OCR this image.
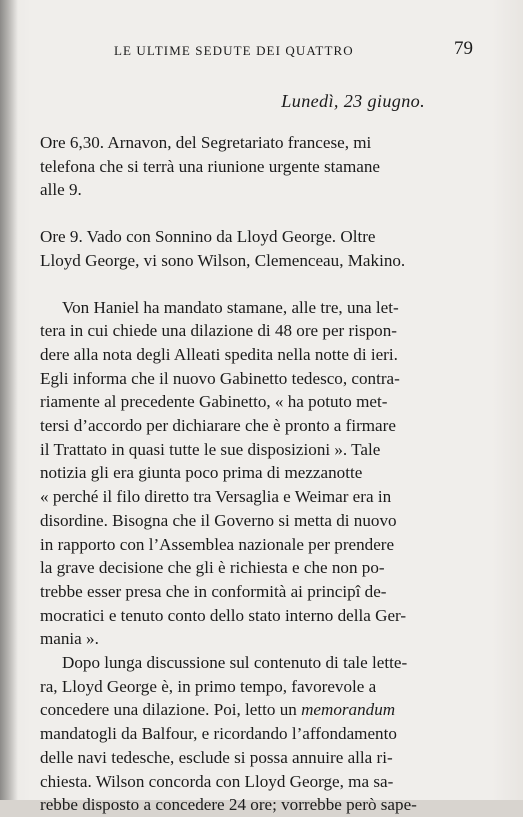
LE ULTIME SEDUTE DEI QUATTRO	79
Lunedì, 23 giugno.

Ore 6,30. Arnavon, del Segretariato francese, mi
telefona che si terrà una riunione urgente stamane
alle 9.

Ore 9. Vado con Sonnino da Lloyd George. Oltre
Lloyd George, vi sono Wilson, Clemenceau, Makino.

Von Haniel ha mandato stamane, alle tre, una let-
tera in cui chiede una dilazione di 48 ore per rispon-
dere alla nota degli Alleati spedita nella notte di ieri.
Egli informa che il nuovo Gabinetto tedesco, contra-
riamente al precedente Gabinetto, « ha potuto met-
tersi d’accordo per dichiarare che è pronto a firmare
il Trattato in quasi tutte le sue disposizioni ». Tale
notizia gli era giunta poco prima di mezzanotte
« perché il filo diretto tra Versaglia e Weimar era in
disordine. Bisogna che il Governo si metta di nuovo
in rapporto con l’Assemblea nazionale per prendere
la grave decisione che gli è richiesta e che non po-
trebbe esser presa che in conformità ai principî de-
mocratici e tenuto conto dello stato interno della Ger-
mania ».

Dopo lunga discussione sul contenuto di tale lette-
ra, Lloyd George è, in primo tempo, favorevole a
concedere una dilazione. Poi, letto un memorandum
mandatogli da Balfour, e ricordando l’affondamento
delle navi tedesche, esclude si possa annuire alla ri-
chiesta. Wilson concorda con Lloyd George, ma sa-
rebbe disposto a concedere 24 ore; vorrebbe però sape-
